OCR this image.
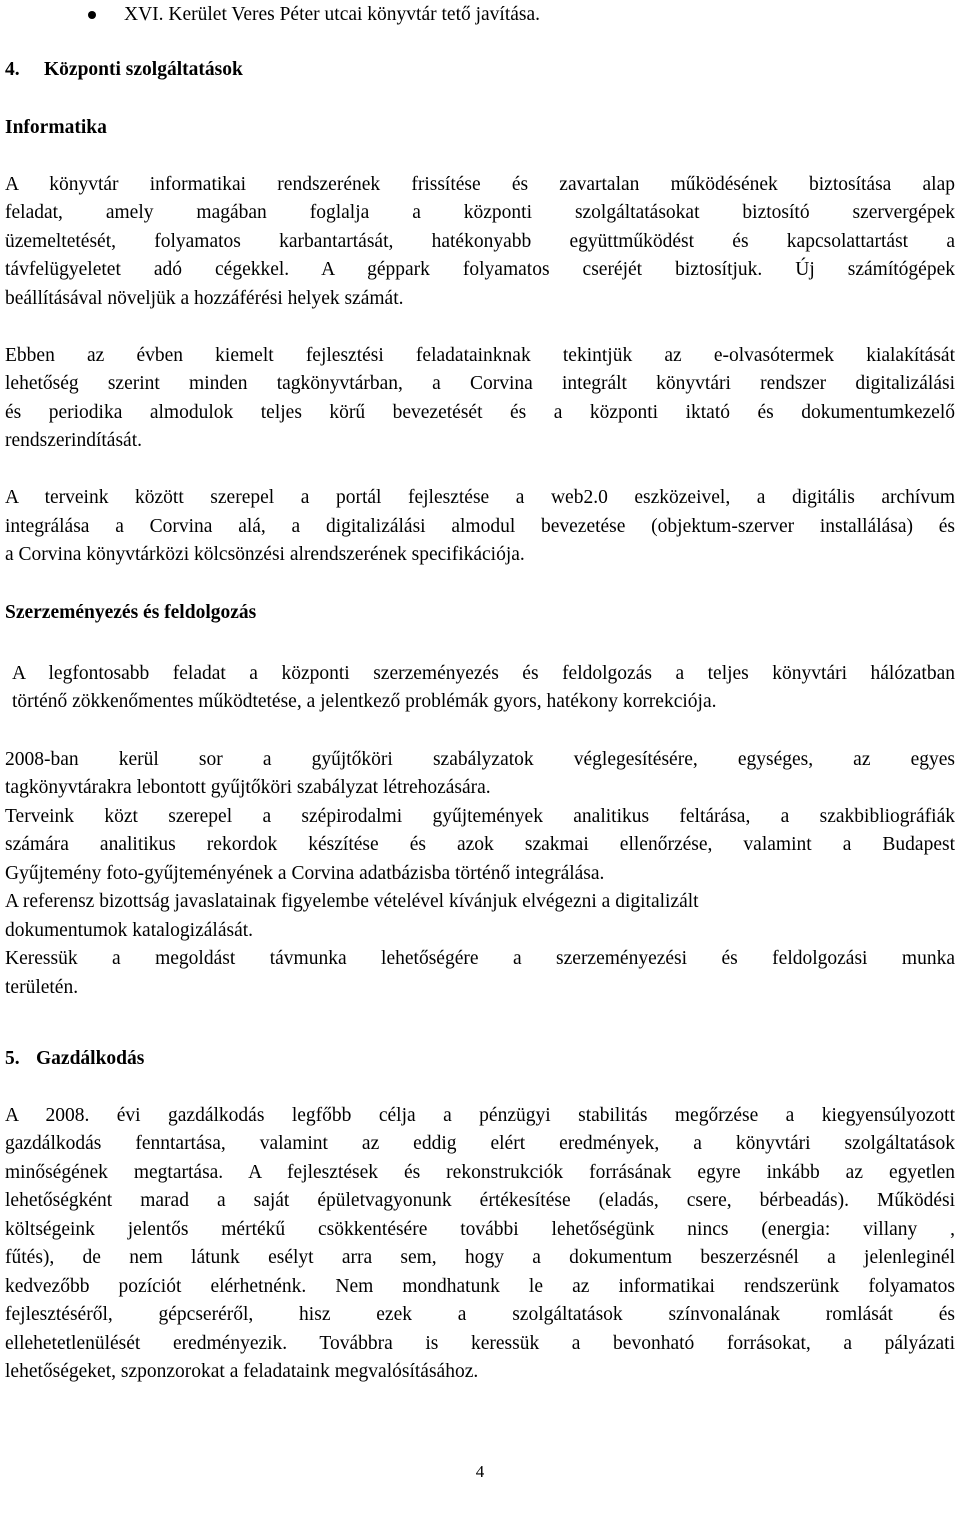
XVI. Kerület Veres Péter utcai könyvtár tető javítása.
4. Központi szolgáltatások
Informatika
A könyvtár informatikai rendszerének frissítése és zavartalan működésének biztosítása alap
feladat, amely magában foglalja a központi szolgáltatásokat biztosító szervergépek
üzemeltetését, folyamatos karbantartását, hatékonyabb együttműködést és kapcsolattartást a
távfelügyeletet adó cégekkel. A géppark folyamatos cseréjét biztosítjuk. Új számítógépek
beállításával növeljük a hozzáférési helyek számát.
Ebben az évben kiemelt fejlesztési feladatainknak tekintjük az e-olvasótermek kialakítását
lehetőség szerint minden tagkönyvtárban, a Corvina integrált könyvtári rendszer digitalizálási
és periodika almodulok teljes körű bevezetését és a központi iktató és dokumentumkezelő
rendszerindítását.
A terveink között szerepel a portál fejlesztése a web2.0 eszközeivel, a digitális archívum
integrálása a Corvina alá, a digitalizálási almodul bevezetése (objektum-szerver installálása) és
a Corvina könyvtárközi kölcsönzési alrendszerének specifikációja.
Szerzeményezés és feldolgozás
A legfontosabb feladat a központi szerzeményezés és feldolgozás a teljes könyvtári hálózatban
történő zökkenőmentes működtetése, a jelentkező problémák gyors, hatékony korrekciója.
2008-ban kerül sor a gyűjtőköri szabályzatok véglegesítésére, egységes, az egyes
tagkönyvtárakra lebontott gyűjtőköri szabályzat létrehozására.
Terveink közt szerepel a szépirodalmi gyűjtemények analitikus feltárása, a szakbibliográfiák
számára analitikus rekordok készítése és azok szakmai ellenőrzése, valamint a Budapest
Gyűjtemény foto-gyűjteményének a Corvina adatbázisba történő integrálása.
A referensz bizottság javaslatainak figyelembe vételével kívánjuk elvégezni a digitalizált
dokumentumok katalogizálását.
Keressük a megoldást távmunka lehetőségére a szerzeményezési és feldolgozási munka
területén.
5. Gazdálkodás
A 2008. évi gazdálkodás legfőbb célja a pénzügyi stabilitás megőrzése a kiegyensúlyozott
gazdálkodás fenntartása, valamint az eddig elért eredmények, a könyvtári szolgáltatások
minőségének megtartása. A fejlesztések és rekonstrukciók forrásának egyre inkább az egyetlen
lehetőségként marad a saját épületvagyonunk értékesítése (eladás, csere, bérbeadás). Működési
költségeink jelentős mértékű csökkentésére további lehetőségünk nincs (energia: villany ,
fűtés), de nem látunk esélyt arra sem, hogy a dokumentum beszerzésnél a jelenleginél
kedvezőbb pozíciót elérhetnénk. Nem mondhatunk le az informatikai rendszerünk folyamatos
fejlesztéséről, gépcseréről, hisz ezek a szolgáltatások színvonalának romlását és
ellehetetlenülését eredményezik. Továbbra is keressük a bevonható forrásokat, a pályázati
lehetőségeket, szponzorokat a feladataink megvalósításához.
4
